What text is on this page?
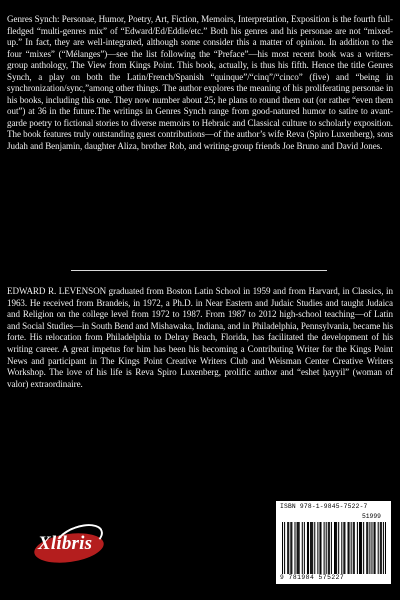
Genres Synch: Personae, Humor, Poetry, Art, Fiction, Memoirs, Interpretation, Exposition is the fourth full-fledged “multi-genres mix” of “Edward/Ed/Eddie/etc.” Both his genres and his personae are not “mixed-up.” In fact, they are well-integrated, although some consider this a matter of opinion. In addition to the four “mixes” (“Mélanges”)—see the list following the “Preface”—his most recent book was a writers-group anthology, The View from Kings Point. This book, actually, is thus his fifth. Hence the title Genres Synch, a play on both the Latin/French/Spanish “quinque”/“cinq”/“cinco” (five) and “being in synchronization/sync,”among other things. The author explores the meaning of his proliferating personae in his books, including this one. They now number about 25; he plans to round them out (or rather “even them out”) at 36 in the future.The writings in Genres Synch range from good-natured humor to satire to avant-garde poetry to fictional stories to diverse memoirs to Hebraic and Classical culture to scholarly exposition. The book features truly outstanding guest contributions—of the author’s wife Reva (Spiro Luxenberg), sons Judah and Benjamin, daughter Aliza, brother Rob, and writing-group friends Joe Bruno and David Jones.

EDWARD R. LEVENSON graduated from Boston Latin School in 1959 and from Harvard, in Classics, in 1963. He received from Brandeis, in 1972, a Ph.D. in Near Eastern and Judaic Studies and taught Judaica and Religion on the college level from 1972 to 1987. From 1987 to 2012 high-school teaching—of Latin and Social Studies—in South Bend and Mishawaka, Indiana, and in Philadelphia, Pennsylvania, became his forte. His relocation from Philadelphia to Delray Beach, Florida, has facilitated the development of his writing career. A great impetus for him has been his becoming a Contributing Writer for the Kings Point News and participant in The Kings Point Creative Writers Club and Weisman Center Creative Writers Workshop. The love of his life is Reva Spiro Luxenberg, prolific author and “eshet ḥayyil” (woman of valor) extraordinaire.

Xlibris
ISBN 978-1-9845-7522-7
51999
9 781984 575227
